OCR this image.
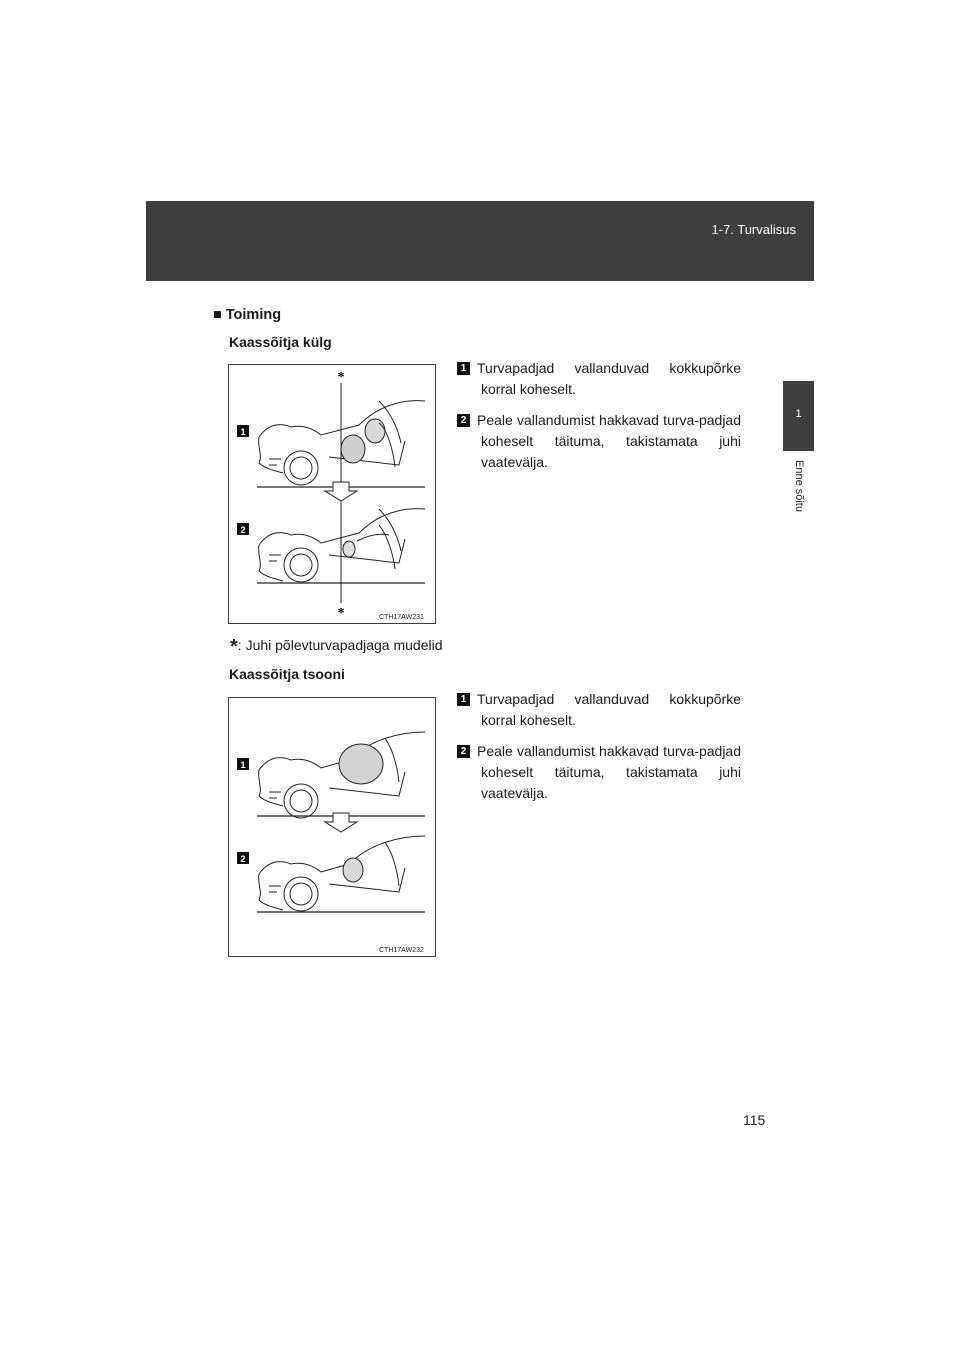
1-7. Turvalisus
1
Enne sõitu
■ Toiming
Kaassõitja külg
1
2
*
*	CTH17AW231
1 Turvapadjad vallanduvad kokkupõrke korral koheselt.
2 Peale vallandumist hakkavad turva-padjad koheselt täituma, takistamata juhi vaatevälja.
*: Juhi põlevturvapadjaga mudelid
Kaassõitja tsooni
1
2
CTH17AW232
1 Turvapadjad vallanduvad kokkupõrke korral koheselt.
2 Peale vallandumist hakkavad turva-padjad koheselt täituma, takistamata juhi vaatevälja.
115
